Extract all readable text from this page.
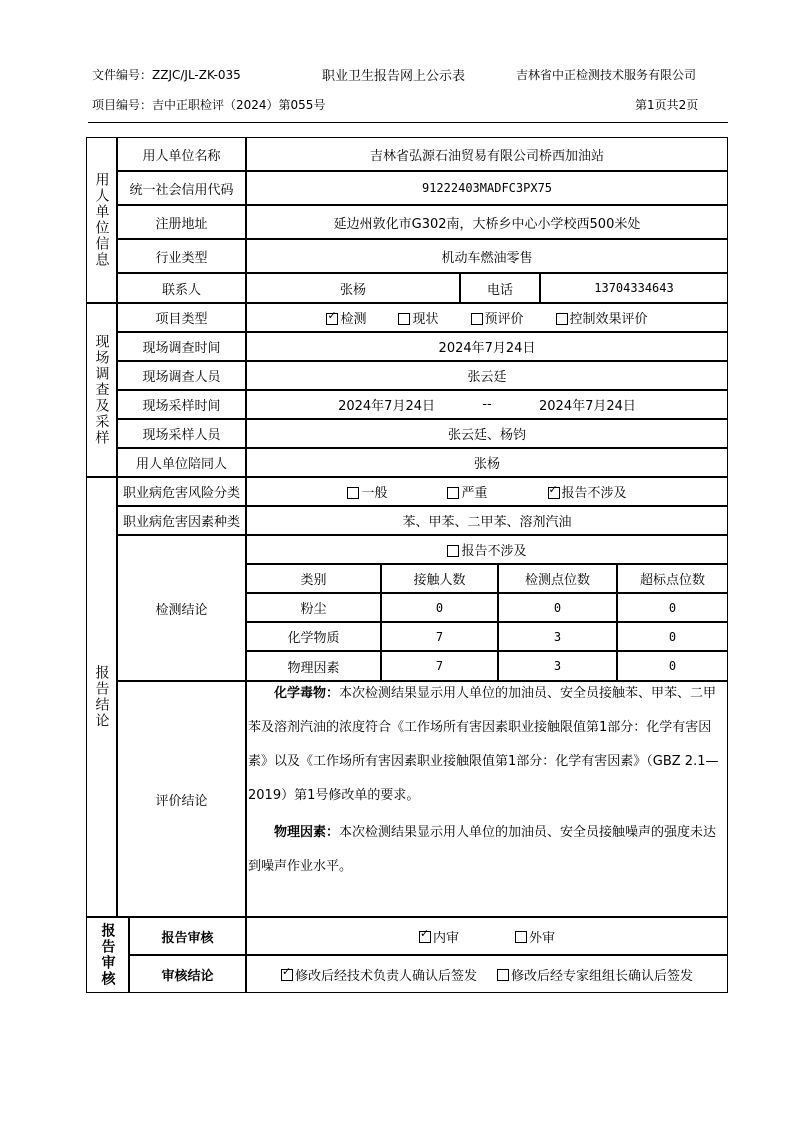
文件编号：ZZJC/JL-ZK-035	职业卫生报告网上公示表	吉林省中正检测技术服务有限公司
项目编号：吉中正职检评（2024）第055号	第1页共2页
用人单位信息
用人单位名称	吉林省弘源石油贸易有限公司桥西加油站
统一社会信用代码	91222403MADFC3PX75
注册地址	延边州敦化市G302南，大桥乡中心小学校西500米处
行业类型	机动车燃油零售
联系人	张杨	电话	13704334643
现场调查及采样
项目类型 ✓	检测	现状	预评价	控制效果评价
现场调查时间	2024年7月24日
现场调查人员	张云廷
现场采样时间	2024年7月24日	--	2024年7月24日
现场采样人员	张云廷、杨钧
用人单位陪同人	张杨
报告结论
职业病危害风险分类	一般	严重 ✓	报告不涉及
职业病危害因素种类	苯、甲苯、二甲苯、溶剂汽油
检测结论
报告不涉及
类别	接触人数	检测点位数	超标点位数
粉尘	0	0	0
化学物质	7	3	0
物理因素	7	3	0
评价结论
化学毒物：本次检测结果显示用人单位的加油员、安全员接触苯、甲苯、二甲苯及溶剂汽油的浓度符合《工作场所有害因素职业接触限值第1部分：化学有害因素》以及《工作场所有害因素职业接触限值第1部分：化学有害因素》（GBZ 2.1—2019）第1号修改单的要求。
物理因素：本次检测结果显示用人单位的加油员、安全员接触噪声的强度未达到噪声作业水平。
报告审核	报告审核 ✓	内审	外审
审核结论 ✓	修改后经技术负责人确认后签发	修改后经专家组组长确认后签发
